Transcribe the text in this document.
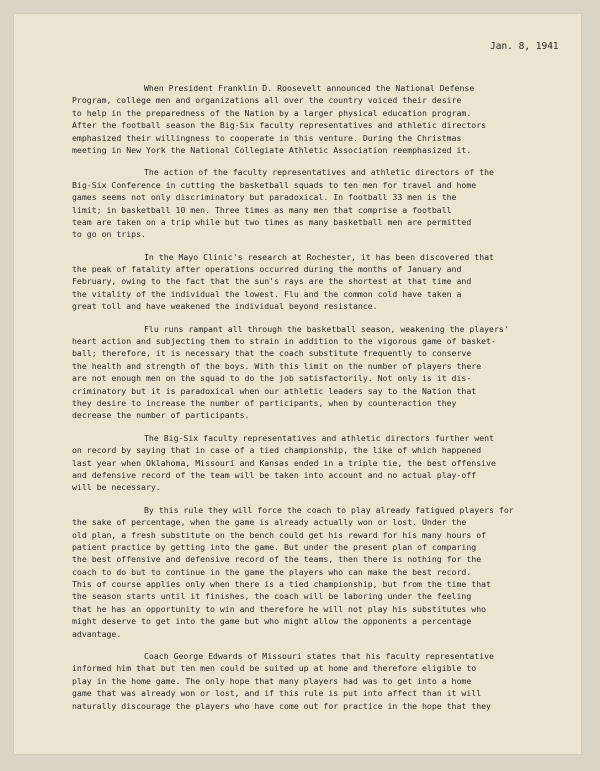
Jan. 8, 1941
When President Franklin D. Roosevelt announced the National Defense
Program, college men and organizations all over the country voiced their desire
to help in the preparedness of the Nation by a larger physical education program.
After the football season the Big-Six faculty representatives and athletic directors
emphasized their willingness to cooperate in this venture. During the Christmas
meeting in New York the National Collegiate Athletic Association reemphasized it.
The action of the faculty representatives and athletic directors of the
Big-Six Conference in cutting the basketball squads to ten men for travel and home
games seems not only discriminatory but paradoxical. In football 33 men is the
limit; in basketball 10 men. Three times as many men that comprise a football
team are taken on a trip while but two times as many basketball men are permitted
to go on trips.
In the Mayo Clinic's research at Rochester, it has been discovered that
the peak of fatality after operations occurred during the months of January and
February, owing to the fact that the sun's rays are the shortest at that time and
the vitality of the individual the lowest. Flu and the common cold have taken a
great toll and have weakened the individual beyond resistance.
Flu runs rampant all through the basketball season, weakening the players'
heart action and subjecting them to strain in addition to the vigorous game of basket-
ball; therefore, it is necessary that the coach substitute frequently to conserve
the health and strength of the boys. With this limit on the number of players there
are not enough men on the squad to do the job satisfactorily. Not only is it dis-
criminatory but it is paradoxical when our athletic leaders say to the Nation that
they desire to increase the number of participants, when by counteraction they
decrease the number of participants.
The Big-Six faculty representatives and athletic directors further went
on record by saying that in case of a tied championship, the like of which happened
last year when Oklahoma, Missouri and Kansas ended in a triple tie, the best offensive
and defensive record of the team will be taken into account and no actual play-off
will be necessary.
By this rule they will force the coach to play already fatigued players for
the sake of percentage, when the game is already actually won or lost. Under the
old plan, a fresh substitute on the bench could get his reward for his many hours of
patient practice by getting into the game. But under the present plan of comparing
the best offensive and defensive record of the teams, then there is nothing for the
coach to do but to continue in the game the players who can make the best record.
This of course applies only when there is a tied championship, but from the time that
the season starts until it finishes, the coach will be laboring under the feeling
that he has an opportunity to win and therefore he will not play his substitutes who
might deserve to get into the game but who might allow the opponents a percentage
advantage.
Coach George Edwards of Missouri states that his faculty representative
informed him that but ten men could be suited up at home and therefore eligible to
play in the home game. The only hope that many players had was to get into a home
game that was already won or lost, and if this rule is put into affect than it will
naturally discourage the players who have come out for practice in the hope that they
